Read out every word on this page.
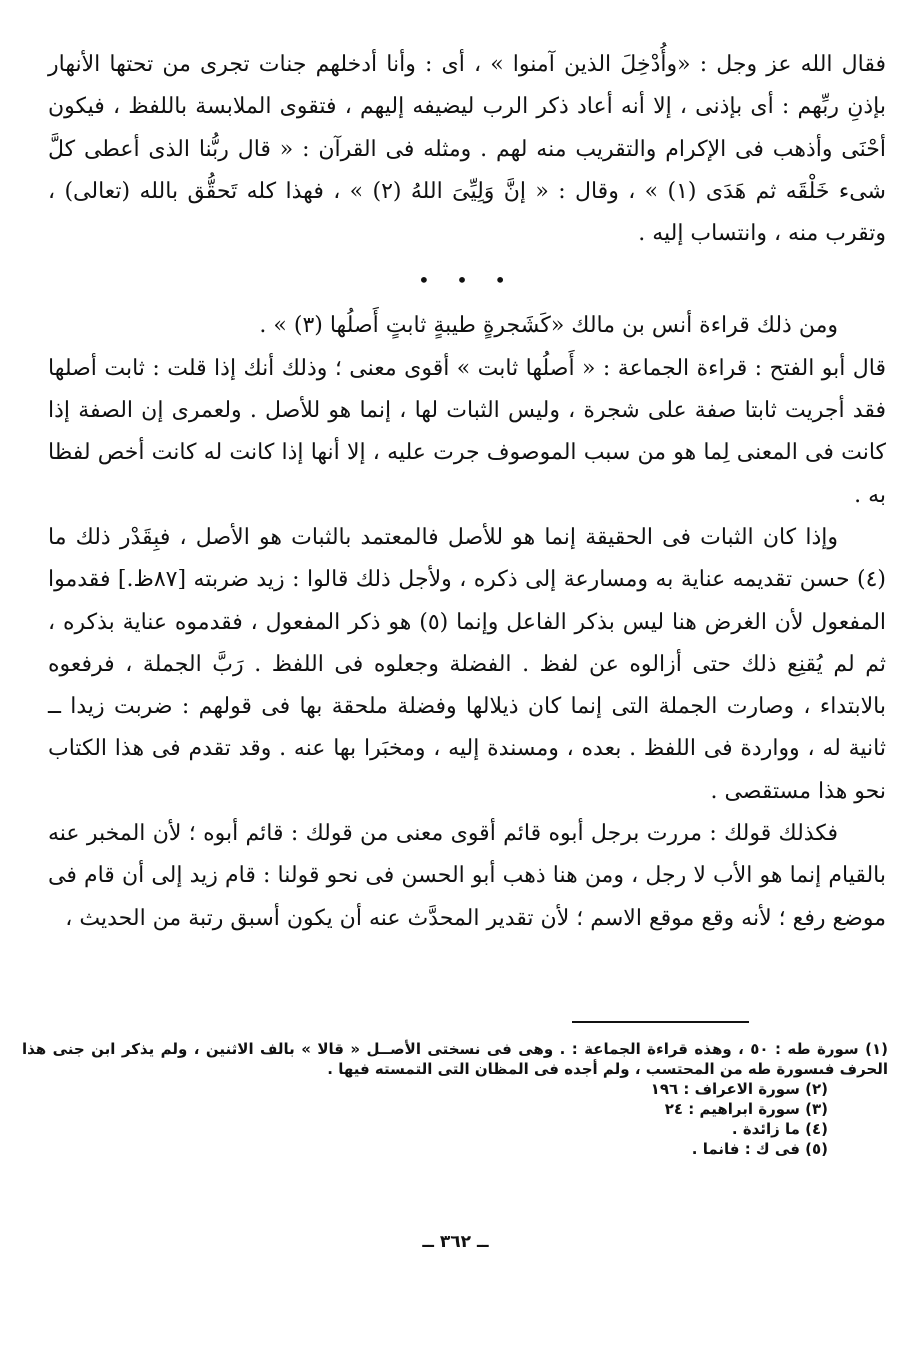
فقال الله عز وجل : «وأُدْخِلَ الذين آمنوا » ، أى : وأنا أدخلهم جنات تجرى من تحتها الأنهار بإذنِ ربِّهم : أى بإذنى ، إلا أنه أعاد ذكر الرب ليضيفه إليهم ، فتقوى الملابسة باللفظ ، فيكون أحْنَى وأذهب فى الإكرام والتقريب منه لهم . ومثله فى القرآن : « قال ربُّنا الذى أعطى كلَّ شىء خَلْقَه ثم هَدَى (١) » ، وقال : « إنَّ وَلِيِّىَ اللهُ (٢) » ، فهذا كله تَحقُّق بالله (تعالى) ، وتقرب منه ، وانتساب إليه .

• • •

ومن ذلك قراءة أنس بن مالك «كَشَجرةٍ طيبةٍ ثابتٍ أَصلُها (٣) » .

قال أبو الفتح : قراءة الجماعة : « أَصلُها ثابت » أقوى معنى ؛ وذلك أنك إذا قلت : ثابت أصلها فقد أجريت ثابتا صفة على شجرة ، وليس الثبات لها ، إنما هو للأصل . ولعمرى إن الصفة إذا كانت فى المعنى لِما هو من سبب الموصوف جرت عليه ، إلا أنها إذا كانت له كانت أخص لفظا به .

وإذا كان الثبات فى الحقيقة إنما هو للأصل فالمعتمد بالثبات هو الأصل ، فبِقَدْر ذلك ما (٤) حسن تقديمه عناية به ومسارعة إلى ذكره ، ولأجل ذلك قالوا : زيد ضربته [٨٧ظ.] فقدموا المفعول لأن الغرض هنا ليس بذكر الفاعل وإنما (٥) هو ذكر المفعول ، فقدموه عناية بذكره ، ثم لم يُقنِع ذلك حتى أزالوه عن لفظ . الفضلة وجعلوه فى اللفظ . رَبَّ الجملة ، فرفعوه بالابتداء ، وصارت الجملة التى إنما كان ذيلالها وفضلة ملحقة بها فى قولهم : ضربت زيدا ــ ثانية له ، وواردة فى اللفظ . بعده ، ومسندة إليه ، ومخبَرا بها عنه . وقد تقدم فى هذا الكتاب نحو هذا مستقصى .

فكذلك قولك : مررت برجل أبوه قائم أقوى معنى من قولك : قائم أبوه ؛ لأن المخبر عنه بالقيام إنما هو الأب لا رجل ، ومن هنا ذهب أبو الحسن فى نحو قولنا : قام زيد إلى أن قام فى موضع رفع ؛ لأنه وقع موقع الاسم ؛ لأن تقدير المحدَّث عنه أن يكون أسبق رتبة من الحديث ،

(١) سورة طه : ٥٠ ، وهذه قراءة الجماعة : . وهى فى نسختى الأصــل « قالا » بالف الاثنين ، ولم يذكر ابن جنى هذا الحرف فىسورة طه من المحتسب ، ولم أجده فى المظان التى التمسته فيها .

(٢) سورة الاعراف : ١٩٦

(٣) سورة ابراهيم : ٢٤

(٤) ما زائدة .

(٥) فى ك : فانما .

ــ ٣٦٢ ــ
